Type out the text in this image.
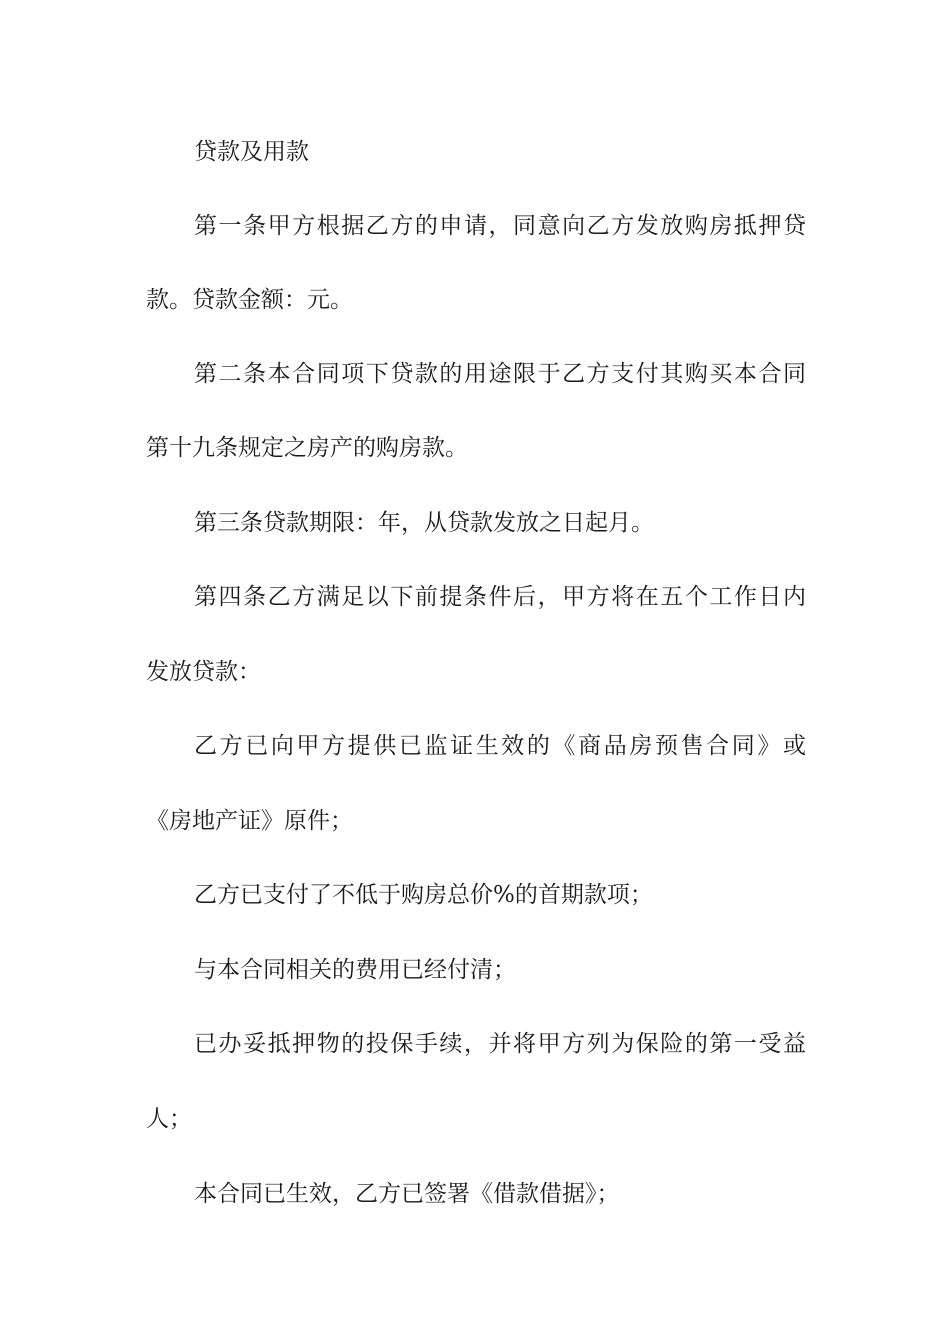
贷款及用款
第一条甲方根据乙方的申请，同意向乙方发放购房抵押贷
款。贷款金额：元。
第二条本合同项下贷款的用途限于乙方支付其购买本合同
第十九条规定之房产的购房款。
第三条贷款期限：年，从贷款发放之日起月。
第四条乙方满足以下前提条件后，甲方将在五个工作日内
发放贷款：
乙方已向甲方提供已监证生效的《商品房预售合同》或
《房地产证》原件；
乙方已支付了不低于购房总价%的首期款项；
与本合同相关的费用已经付清；
已办妥抵押物的投保手续，并将甲方列为保险的第一受益
人；
本合同已生效，乙方已签署《借款借据》；
